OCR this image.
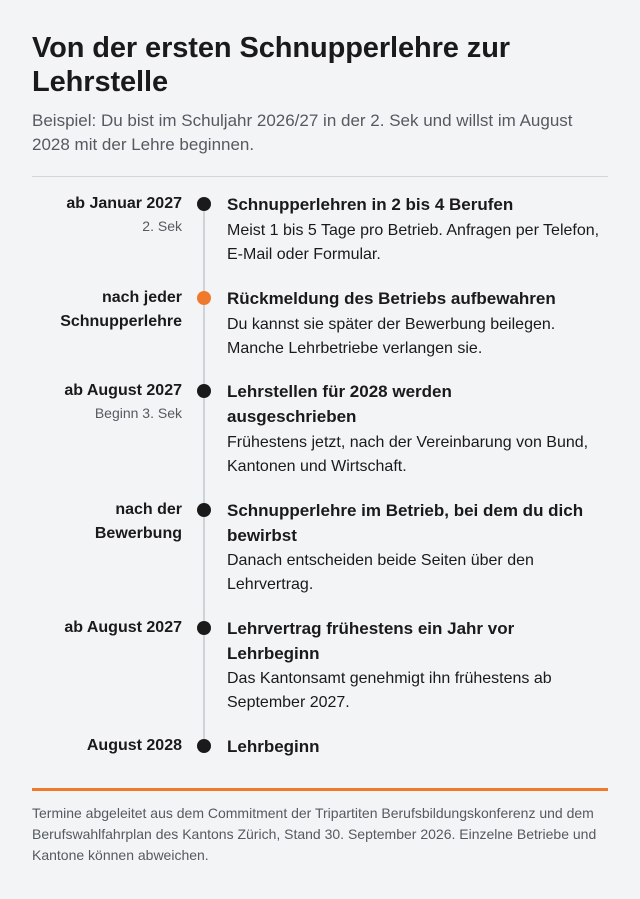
Von der ersten Schnupperlehre zur Lehrstelle

Beispiel: Du bist im Schuljahr 2026/27 in der 2. Sek und willst im August 2028 mit der Lehre beginnen.

ab Januar 2027
2. Sek
Schnupperlehren in 2 bis 4 Berufen
Meist 1 bis 5 Tage pro Betrieb. Anfragen per Telefon, E-Mail oder Formular.
nach jeder Schnupperlehre
Rückmeldung des Betriebs aufbewahren
Du kannst sie später der Bewerbung beilegen. Manche Lehrbetriebe verlangen sie.
ab August 2027
Beginn 3. Sek
Lehrstellen für 2028 werden ausgeschrieben
Frühestens jetzt, nach der Vereinbarung von Bund, Kantonen und Wirtschaft.
nach der Bewerbung
Schnupperlehre im Betrieb, bei dem du dich bewirbst
Danach entscheiden beide Seiten über den Lehrvertrag.
ab August 2027	Lehrvertrag frühestens ein Jahr vor Lehrbeginn
Das Kantonsamt genehmigt ihn frühestens ab September 2027.
August 2028	Lehrbeginn

Termine abgeleitet aus dem Commitment der Tripartiten Berufsbildungskonferenz und dem Berufswahlfahrplan des Kantons Zürich, Stand 30. September 2026. Einzelne Betriebe und Kantone können abweichen.
